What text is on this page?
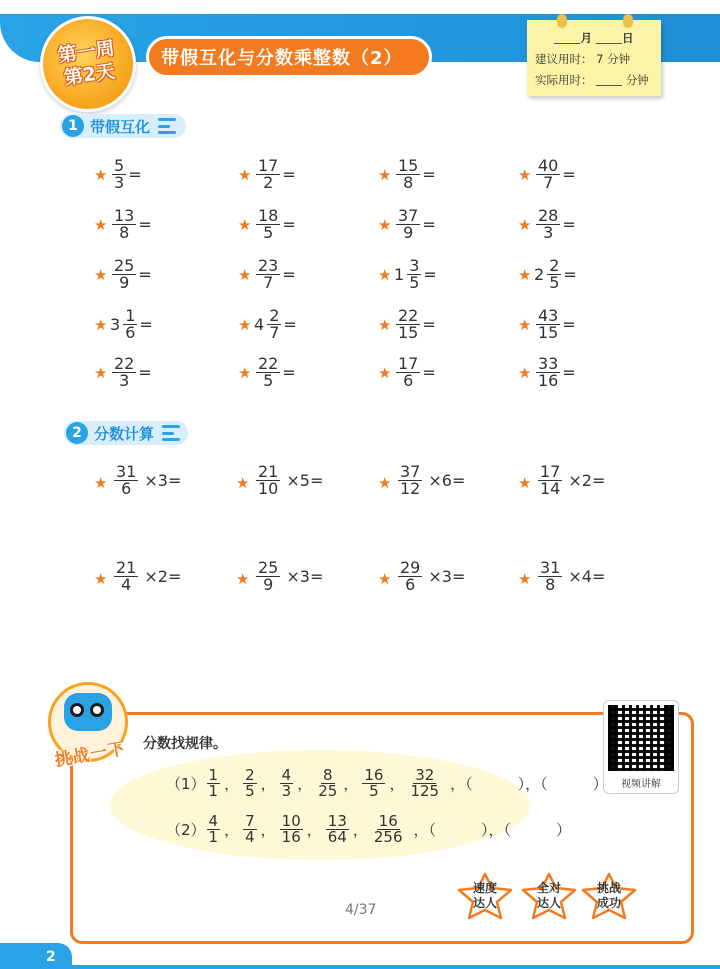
第一周
第2天
带假互化与分数乘整数（2）
月	日
建议用时： 7 分钟
实际用时：	分钟
1 带假互化
★ $\frac{5}{3}$ =	★ $\frac{17}{2}$ =	★ $\frac{15}{8}$ =	★ $\frac{40}{7}$ =
★ $\frac{13}{8}$ =	★ $\frac{18}{5}$ =	★ $\frac{37}{9}$ =	★ $\frac{28}{3}$ =
★ $\frac{25}{9}$ =	★ $\frac{23}{7}$ =	★ $1 \frac{3}{5}$ =	★ $2 \frac{2}{5}$ =
★ $3 \frac{1}{6}$ =	★ $4 \frac{2}{7}$ =	★ $\frac{22}{15}$ =	★ $\frac{43}{15}$ =
★ $\frac{22}{3}$ =	★ $\frac{22}{5}$ =	★ $\frac{17}{6}$ =	★ $\frac{33}{16}$ =
2 分数计算
★ $\frac{31}{6} \times 3=$	★ $\frac{21}{10} \times 5=$	★ $\frac{37}{12} \times 6=$	★ $\frac{17}{14} \times 2=$
★ $\frac{21}{4} \times 2=$	★ $\frac{25}{9} \times 3=$	★ $\frac{29}{6} \times 3=$	★ $\frac{31}{8} \times 4=$
挑战一下 分数找规律。
视频讲解
$(1) \frac{1}{1}$ ， $\frac{2}{5}$ ， $\frac{4}{3}$ ， $\frac{8}{25}$ ， $\frac{16}{5}$ ， $\frac{32}{125}$ ，（　　　），（　　　）
$(2) \frac{4}{1}$ ， $\frac{7}{4}$ ， $\frac{10}{16}$ ， $\frac{13}{64}$ ， $\frac{16}{256}$ ，（　　　），（　　　）
速度
达人
全对
达人
挑战
成功
4/37
2
